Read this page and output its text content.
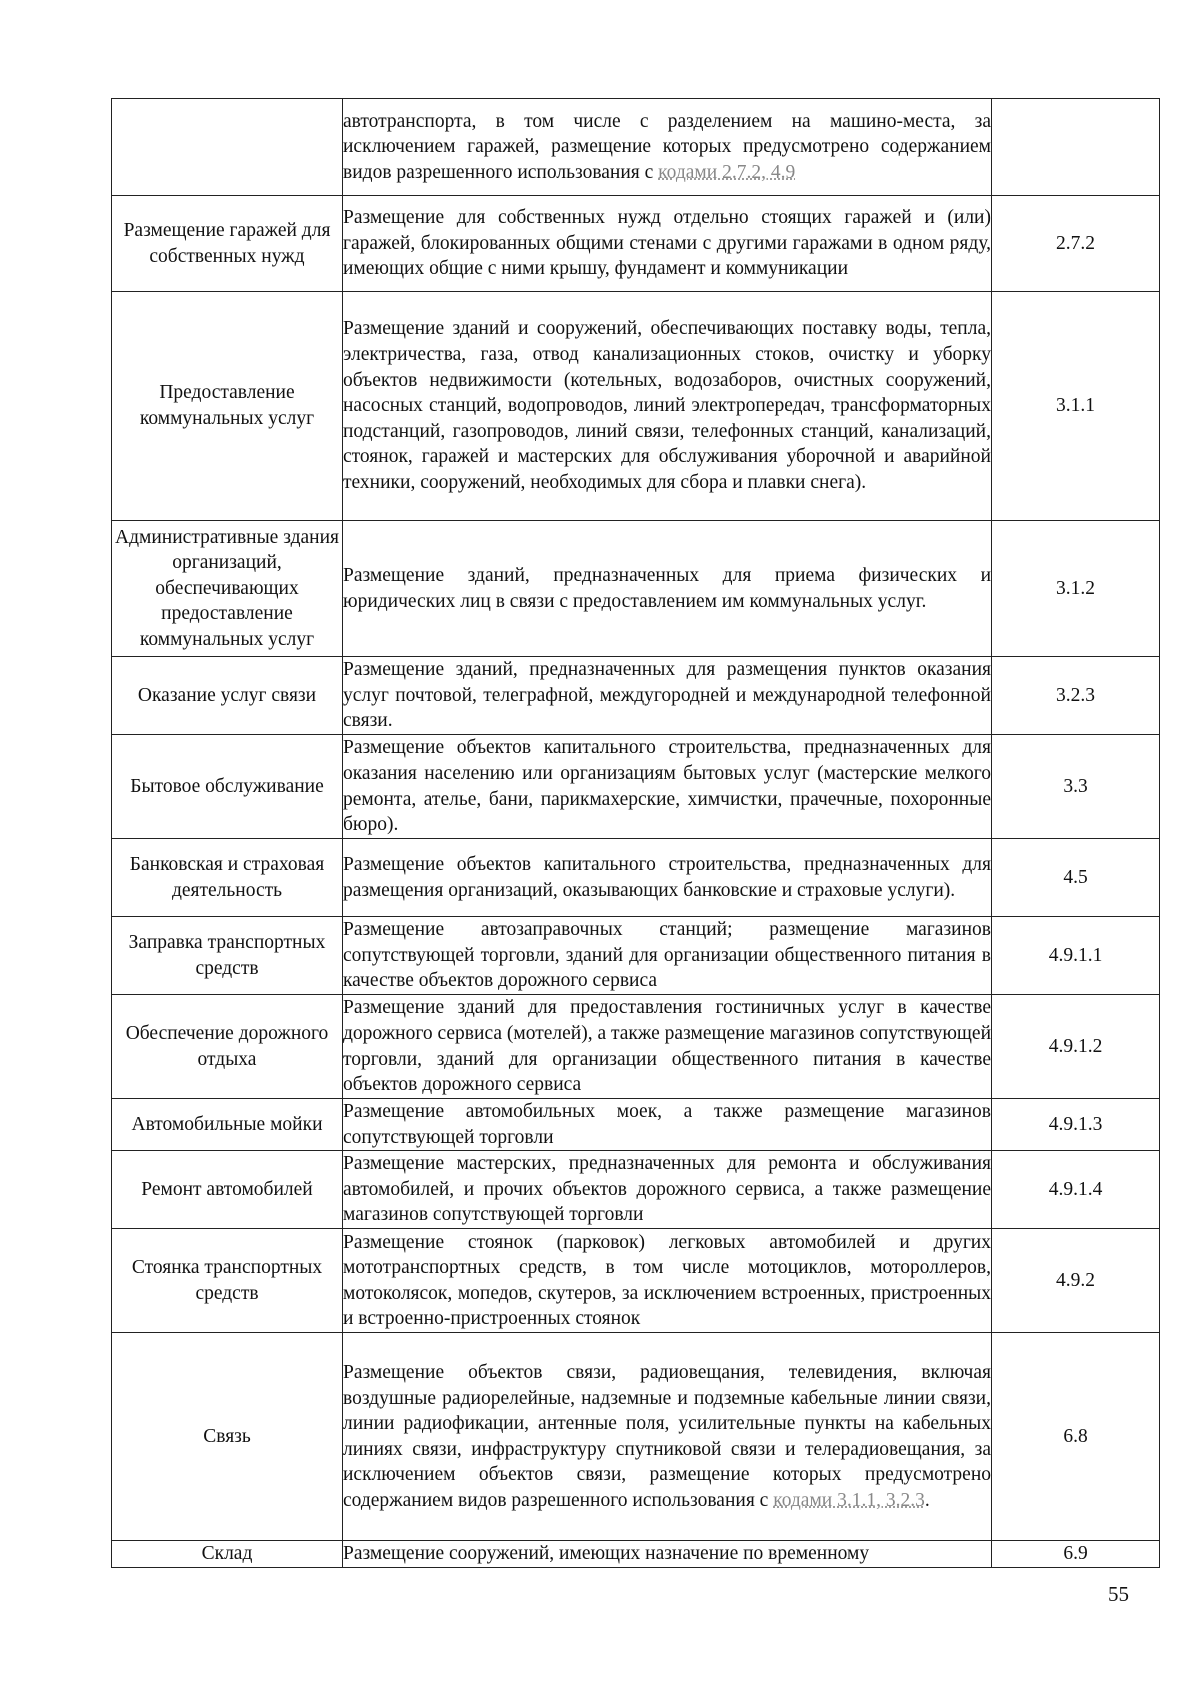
	автотранспорта, в том числе с разделением на машино-места, за исключением гаражей, размещение которых предусмотрено содержанием видов разрешенного использования с кодами 2.7.2, 4.9	
Размещение гаражей для собственных нужд	Размещение для собственных нужд отдельно стоящих гаражей и (или) гаражей, блокированных общими стенами с другими гаражами в одном ряду, имеющих общие с ними крышу, фундамент и коммуникации	2.7.2
Предоставление коммунальных услуг	Размещение зданий и сооружений, обеспечивающих поставку воды, тепла, электричества, газа, отвод канализационных стоков, очистку и уборку объектов недвижимости (котельных, водозаборов, очистных сооружений, насосных станций, водопроводов, линий электропередач, трансформаторных подстанций, газопроводов, линий связи, телефонных станций, канализаций, стоянок, гаражей и мастерских для обслуживания уборочной и аварийной техники, сооружений, необходимых для сбора и плавки снега).	3.1.1
Административные здания организаций, обеспечивающих предоставление коммунальных услуг	Размещение зданий, предназначенных для приема физических и юридических лиц в связи с предоставлением им коммунальных услуг.	3.1.2
Оказание услуг связи	Размещение зданий, предназначенных для размещения пунктов оказания услуг почтовой, телеграфной, междугородней и международной телефонной связи.	3.2.3
Бытовое обслуживание	Размещение объектов капитального строительства, предназначенных для оказания населению или организациям бытовых услуг (мастерские мелкого ремонта, ателье, бани, парикмахерские, химчистки, прачечные, похоронные бюро).	3.3
Банковская и страховая деятельность	Размещение объектов капитального строительства, предназначенных для размещения организаций, оказывающих банковские и страховые услуги).	4.5
Заправка транспортных средств	Размещение автозаправочных станций; размещение магазинов сопутствующей торговли, зданий для организации общественного питания в качестве объектов дорожного сервиса	4.9.1.1
Обеспечение дорожного отдыха	Размещение зданий для предоставления гостиничных услуг в качестве дорожного сервиса (мотелей), а также размещение магазинов сопутствующей торговли, зданий для организации общественного питания в качестве объектов дорожного сервиса	4.9.1.2
Автомобильные мойки	Размещение автомобильных моек, а также размещение магазинов сопутствующей торговли	4.9.1.3
Ремонт автомобилей	Размещение мастерских, предназначенных для ремонта и обслуживания автомобилей, и прочих объектов дорожного сервиса, а также размещение магазинов сопутствующей торговли	4.9.1.4
Стоянка транспортных средств	Размещение стоянок (парковок) легковых автомобилей и других мототранспортных средств, в том числе мотоциклов, мотороллеров, мотоколясок, мопедов, скутеров, за исключением встроенных, пристроенных и встроенно-пристроенных стоянок	4.9.2
Связь	Размещение объектов связи, радиовещания, телевидения, включая воздушные радиорелейные, надземные и подземные кабельные линии связи, линии радиофикации, антенные поля, усилительные пункты на кабельных линиях связи, инфраструктуру спутниковой связи и телерадиовещания, за исключением объектов связи, размещение которых предусмотрено содержанием видов разрешенного использования с кодами 3.1.1, 3.2.3.	6.8
Склад	Размещение сооружений, имеющих назначение по временному	6.9
55
